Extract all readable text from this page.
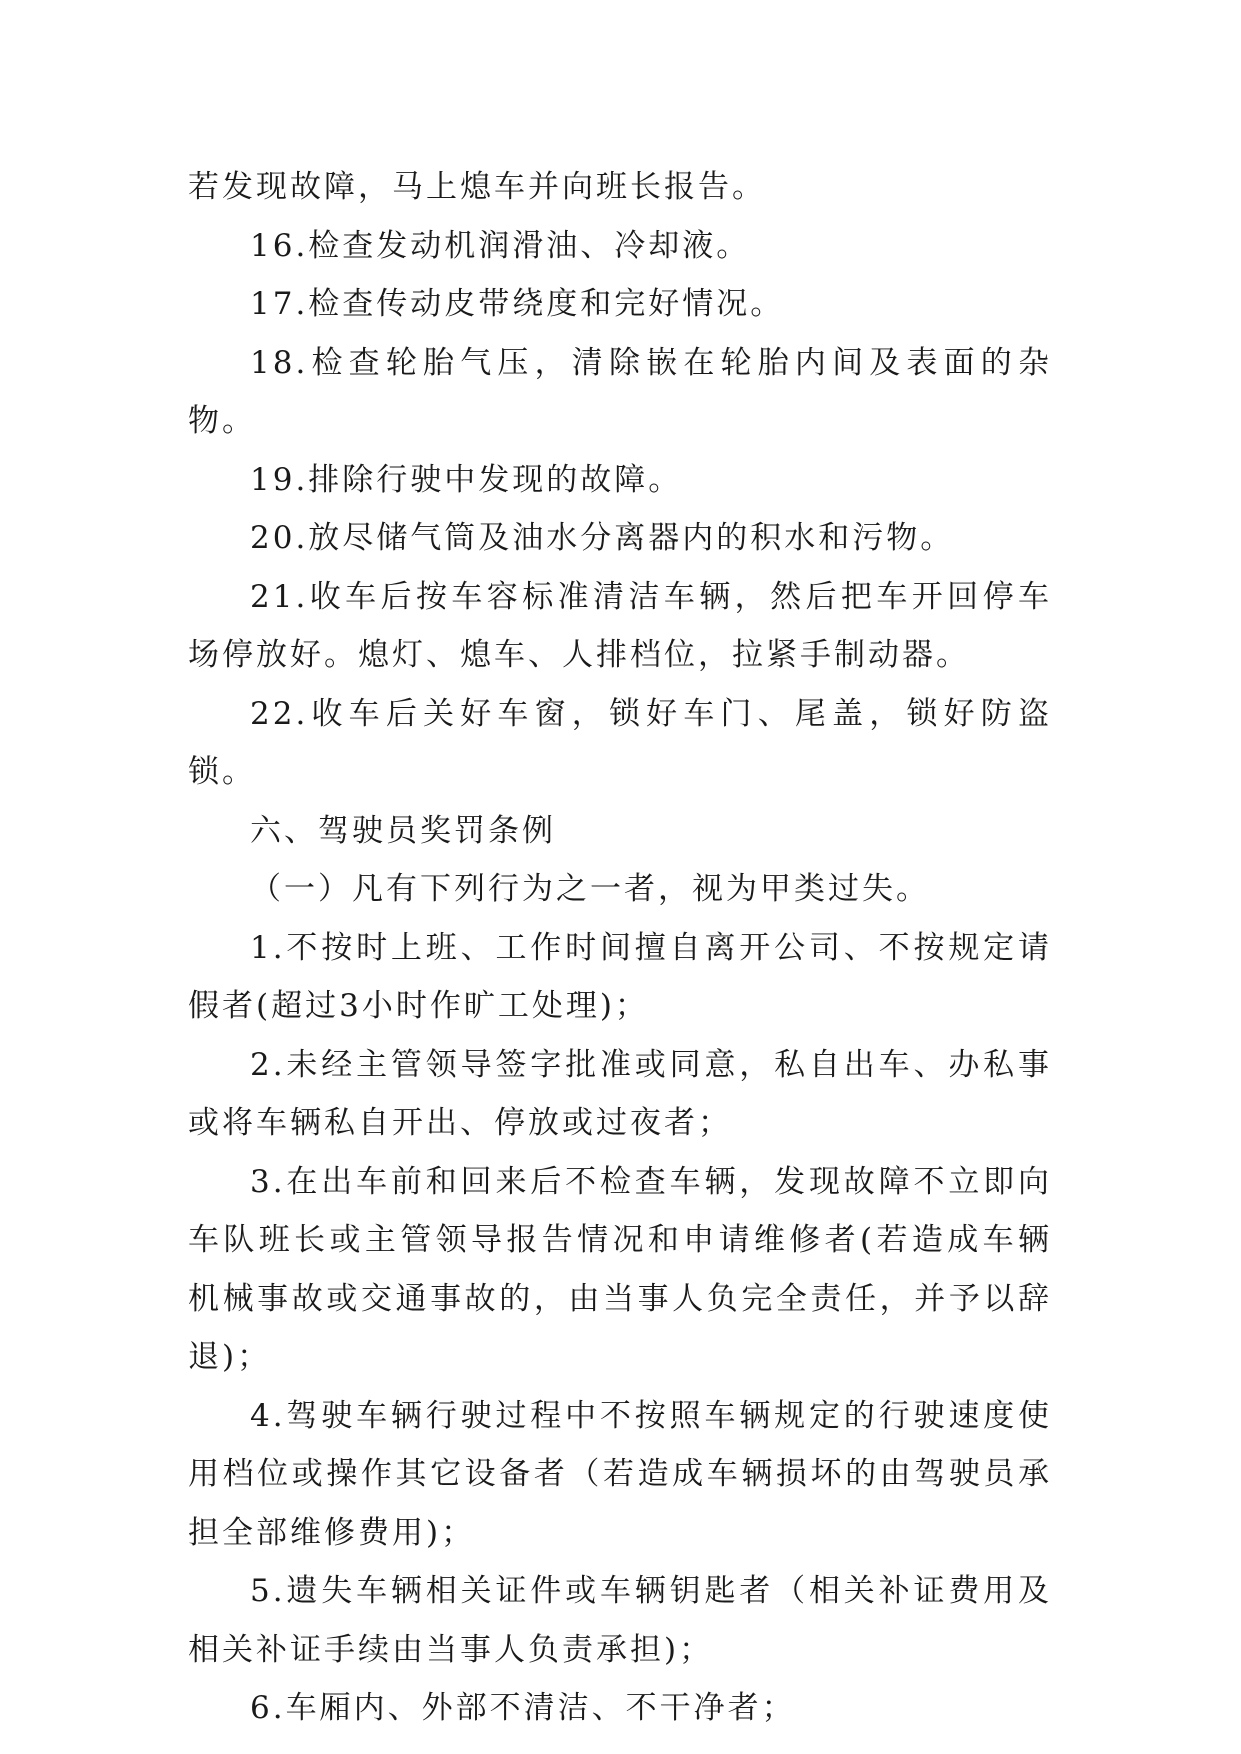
若发现故障，马上熄车并向班长报告。

16.检查发动机润滑油、冷却液。

17.检查传动皮带绕度和完好情况。

18.检查轮胎气压，清除嵌在轮胎内间及表面的杂物。

19.排除行驶中发现的故障。

20.放尽储气筒及油水分离器内的积水和污物。

21.收车后按车容标准清洁车辆，然后把车开回停车场停放好。熄灯、熄车、人排档位，拉紧手制动器。

22.收车后关好车窗，锁好车门、尾盖，锁好防盗锁。

六、驾驶员奖罚条例

（一）凡有下列行为之一者，视为甲类过失。

1.不按时上班、工作时间擅自离开公司、不按规定请假者(超过3小时作旷工处理)；

2.未经主管领导签字批准或同意，私自出车、办私事或将车辆私自开出、停放或过夜者；

3.在出车前和回来后不检查车辆，发现故障不立即向车队班长或主管领导报告情况和申请维修者(若造成车辆机械事故或交通事故的，由当事人负完全责任，并予以辞退)；

4.驾驶车辆行驶过程中不按照车辆规定的行驶速度使用档位或操作其它设备者（若造成车辆损坏的由驾驶员承担全部维修费用)；

5.遗失车辆相关证件或车辆钥匙者（相关补证费用及相关补证手续由当事人负责承担)；

6.车厢内、外部不清洁、不干净者；
